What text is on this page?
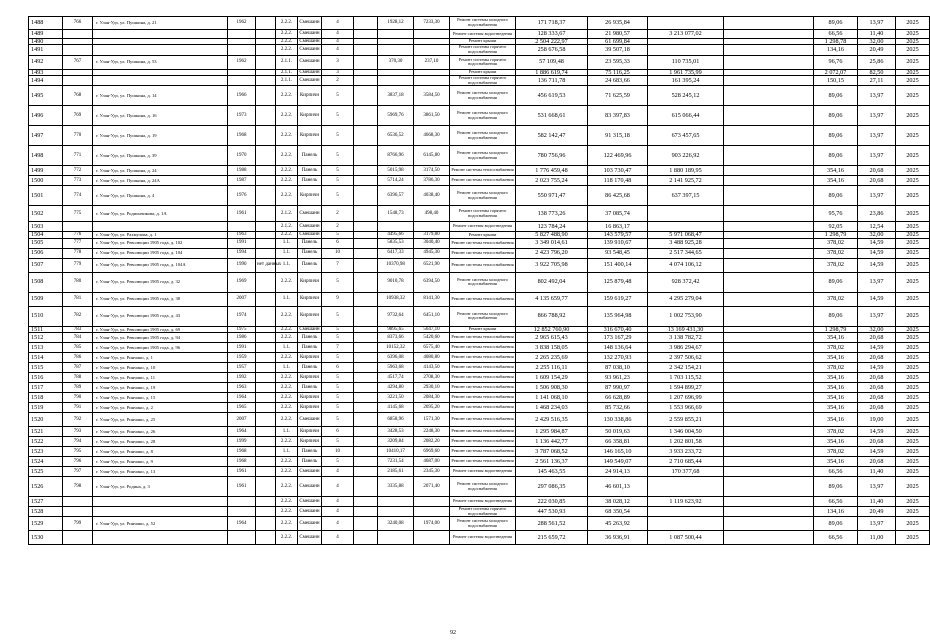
1488	766	г. Улан-Удэ, ул. Пушкина, д. 21	1962		2.2.2.	Смешанн	4		1928,12	7233,30	Ремонт системы холодного водоснабжения	171 718,37	26 935,84			89,06	13,97	2025	
1489					2.2.2.	Смешанн	4				Ремонт системы водоотведения	128 333,67	21 980,57	3 213 077,02		66,56	11,40	2025	
1490					2.2.2.	Смешанн	4				Ремонт крыши	2 504 222,97	61 699,84			1 298,78	32,00	2025	
1491					2.2.2.	Смешанн	4				Ремонт системы горячего водоснабжения	258 676,58	39 507,18			134,16	20,49	2025	
1492	767	г. Улан-Удэ, ул. Пушкина, д. 53	1962		2.1.1.	Смешанн	3		370,30	237,10	Ремонт системы горячего водоснабжения	57 109,48	23 595,33	110 735,01		96,76	25,86	2025	
1493					2.1.1.	Смешанн	3				Ремонт крыши	1 886 619,74	75 116,25	1 961 735,99		2 072,07	82,50	2025	
1494					2.1.1.	Смешанн	2				Ремонт системы горячего водоснабжения	136 711,78	24 683,66	161 395,24		150,15	27,11	2025	
1495	768	г. Улан-Удэ, ул. Пушкина, д. 14	1966		2.2.2.	Кирпичн	5		3837,18	3584,50	Ремонт системы холодного водоснабжения	456 619,53	71 625,59	528 245,12		89,06	13,97	2025	
1496	769	г. Улан-Удэ, ул. Пушкина, д. 16	1973		2.2.2.	Кирпичн	5		5969,76	3861,50	Ремонт системы холодного водоснабжения	531 668,61	83 397,83	615 066,44		89,06	13,97	2025	
1497	770	г. Улан-Удэ, ул. Пушкина, д. 19	1968		2.2.2.	Кирпичн	5		6536,52	4668,30	Ремонт системы холодного водоснабжения	582 142,47	91 315,18	673 457,65		89,06	13,97	2025	
1498	771	г. Улан-Удэ, ул. Пушкина, д. 39	1970		2.2.2.	Панель	5		8766,96	6145,80	Ремонт системы холодного водоснабжения	780 756,96	122 469,96	903 226,92		89,06	13,97	2025	
1499	772	г. Улан-Удэ, ул. Пушкина, д. 24	1988		2.2.2.	Панель	5		5015,98	3174,50	Ремонт системы теплоснабжения	1 776 459,48	103 730,47	1 880 189,95		354,16	20,68	2025	
1500	773	г. Улан-Удэ, ул. Пушкина, д. 24А	1987		2.2.2.	Панель	5		5714,24	3786,30	Ремонт системы теплоснабжения	2 023 755,24	118 170,48	2 141 925,72		354,16	20,68	2025	
1501	774	г. Улан-Удэ, ул. Пушкина, д. 4	1976		2.2.2.	Кирпичн	5		6396,57	4038,40	Ремонт системы холодного водоснабжения	550 971,47	86 425,68	637 397,15		89,06	13,97	2025	
1502	775	г. Улан-Удэ, ул. Родиончикова, д. 1А	1961		2.1.2.	Смешанн	2		1548,73	498,40	Ремонт системы горячего водоснабжения	138 773,26	37 085,74			95,76	23,86	2025	
1503					2.1.2.	Смешанн	2				Ремонт системы водоотведения	123 784,24	16 863,17			92,05	12,54	2025	
1504	776	г. Улан-Удэ, ул. Рахмулова, д. 1	1963		2.2.2.	Смешанн	5		4495,66	3179,80	Ремонт крыши	5 827 488,90	143 579,57	5 971 068,47		1 298,79	32,00	2025	
1505	777	г. Улан-Удэ, ул. Революции 1905 года, д. 102	1991		1.1.	Панель	6		5835,53	3040,40	Ремонт системы теплоснабжения	3 349 014,61	139 910,67	3 488 925,28		378,02	14,59	2025	
1506	778	г. Улан-Удэ, ул. Революции 1905 года, д. 104	1994		1.1.	Панель	10		6417,33	4945,30	Ремонт системы теплоснабжения	2 423 796,20	93 548,45	2 517 344,65		378,02	14,59	2025	
1507	779	г. Улан-Удэ, ул. Революции 1905 года, д. 104А	1990	нет данных	1.1.	Панель	7		10370,98	6521,90	Ремонт системы теплоснабжения	3 922 705,98	151 400,14	4 074 106,12		378,02	14,59	2025	
1508	780	г. Улан-Удэ, ул. Революции 1905 года, д. 32	1969		2.2.2.	Кирпичн	5		9010,78	6394,50	Ремонт системы холодного водоснабжения	802 492,04	125 879,48	928 372,42		89,06	13,97	2025	
1509	781	г. Улан-Удэ, ул. Революции 1905 года, д. 38	2007		1.1.	Кирпичн	9		10938,32	8141,30	Ремонт системы теплоснабжения	4 135 659,77	159 619,27	4 295 279,04		378,02	14,59	2025	
1510	782	г. Улан-Удэ, ул. Революции 1905 года, д. 43	1974		2.2.2.	Кирпичн	5		9732,64	6451,10	Ремонт системы холодного водоснабжения	866 788,92	135 964,98	1 002 753,90		89,06	13,97	2025	
1511	783	г. Улан-Удэ, ул. Революции 1905 года, д. 69	1975		2.2.2.	Смешанн	5		9895,65	5647,10	Ремонт крыши	12 852 760,90	316 670,40	13 169 431,30		1 298,79	32,00	2025	
1512	784	г. Улан-Удэ, ул. Революции 1905 года, д. 94	1986		2.2.2.	Панель	5		8373,66	5420,60	Ремонт системы теплоснабжения	2 965 615,43	173 167,29	3 138 782,72		354,16	20,68	2025	
1513	785	г. Улан-Удэ, ул. Революции 1905 года, д. 96	1991		1.1.	Панель	7		10152,32	6575,40	Ремонт системы теплоснабжения	3 838 158,05	148 136,64	3 986 294,67		378,02	14,59	2025	
1514	786	г. Улан-Удэ, ул. Ринчино, д. 1	1959		2.2.2.	Кирпичн	5		6396,08	4080,80	Ремонт системы теплоснабжения	2 265 235,69	132 270,93	2 397 506,62		354,16	20,68	2025	
1515	787	г. Улан-Удэ, ул. Ринчино, д. 10	1957		1.1.	Панель	6		5963,68	4143,50	Ремонт системы теплоснабжения	2 255 116,11	87 038,10	2 342 154,21		378,02	14,59	2025	
1516	788	г. Улан-Удэ, ул. Ринчино, д. 11	1992		2.2.2.	Кирпичн	5		4517,74	2708,30	Ремонт системы теплоснабжения	1 609 154,29	93 961,23	1 703 115,52		354,16	20,68	2025	
1517	789	г. Улан-Удэ, ул. Ринчино, д. 19	1963		2.2.2.	Панель	5		4294,80	2930,10	Ремонт системы теплоснабжения	1 506 908,30	87 990,97	1 594 899,27		354,16	20,68	2025	
1518	790	г. Улан-Удэ, ул. Ринчино, д. 15	1964		2.2.2.	Кирпичн	5		3221,50	2084,30	Ремонт системы теплоснабжения	1 141 068,10	66 628,89	1 207 696,99		354,16	20,68	2025	
1519	791	г. Улан-Удэ, ул. Ринчино, д. 2	1965		2.2.2.	Кирпичн	5		4145,68	2695,20	Ремонт системы теплоснабжения	1 468 234,03	85 732,66	1 553 966,69		354,16	20,68	2025	
1520	792	г. Улан-Удэ, ул. Ринчино, д. 25	2007		2.2.2.	Смешанн	5		6858,96	1571,30	Ремонт системы теплоснабжения	2 429 516,35	130 338,86	2 559 855,21		354,16	19,00	2025	
1521	793	г. Улан-Удэ, ул. Ринчино, д. 26	1964		1.1.	Кирпичн	6		3428,53	2248,30	Ремонт системы теплоснабжения	1 295 984,87	50 019,63	1 346 004,50		378,02	14,59	2025	
1522	794	г. Улан-Удэ, ул. Ринчино, д. 28	1999		2.2.2.	Кирпичн	5		3209,84	2082,20	Ремонт системы теплоснабжения	1 136 442,77	66 358,81	1 202 801,58		354,16	20,68	2025	
1523	795	г. Улан-Удэ, ул. Ринчино, д. 8	1968		1.1.	Панель	10		10410,17	6969,60	Ремонт системы теплоснабжения	3 787 068,52	146 165,10	3 933 233,72		378,02	14,59	2025	
1524	796	г. Улан-Удэ, ул. Ринчино, д. 9	1968		2.2.2.	Панель	5		7231,54	4687,00	Ремонт системы теплоснабжения	2 561 136,37	149 549,07	2 710 685,44		354,16	20,68	2025	
1525	797	г. Улан-Удэ, ул. Ринчино, д. 13	1961		2.2.2.	Смешанн	4		2185,61	2345,30	Ремонт системы водоотведения	145 463,55	24 914,13	170 377,68		66,56	11,40	2025	
1526	798	г. Улан-Удэ, ул. Родина, д. 3	1961		2.2.2.	Смешанн	4		3335,88	2071,40	Ремонт системы холодного водоснабжения	297 086,35	46 601,13			89,06	13,97	2025	
1527					2.2.2.	Смешанн	4				Ремонт системы водоотведения	222 030,85	38 028,12	1 119 623,92		66,56	11,40	2025	
1528					2.2.2.	Смешанн	4				Ремонт системы горячего водоснабжения	447 530,93	68 350,54			134,16	20,49	2025	
1529	799	г. Улан-Удэ, ул. Ринчино, д. 52	1964		2.2.2.	Смешанн	4		3240,08	1974,00	Ремонт системы холодного водоснабжения	288 561,52	45 263,92			89,06	13,97	2025	
1530					2.2.2.	Смешанн	4				Ремонт системы водоотведения	215 659,72	36 936,91	1 087 500,44		66,56	11,00	2025	
92
